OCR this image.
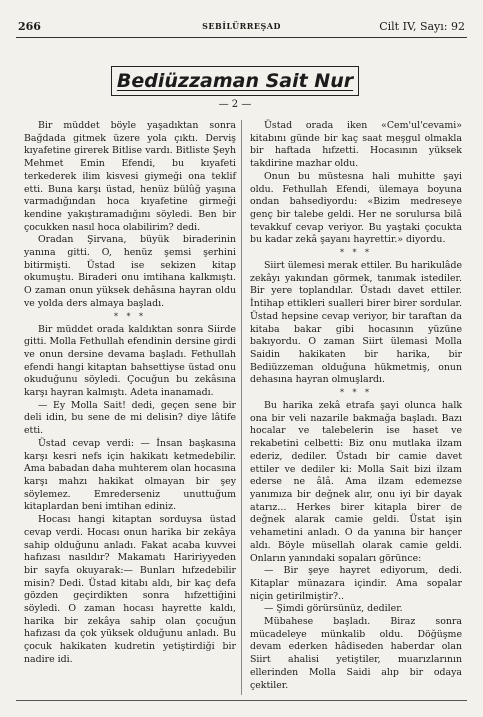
266	SEBİLÜRREŞAD	Cilt IV, Sayı: 92
Bediüzzaman Sait Nur
— 2 —

Bir müddet böyle yaşadıktan sonra Bağdada gitmek üzere yola çıktı. Derviş kıyafetine girerek Bitlise vardı. Bitliste Şeyh Mehmet Emin Efendi, bu kıyafeti terkederek ilim kisvesi giymeği ona teklif etti. Buna karşı üstad, henüz bülûğ yaşına varmadığından hoca kıyafetine girmeği kendine yakıştıramadığını söyledi. Ben bir çocukken nasıl hoca olabilirim? dedi.

Oradan Şirvana, büyük biraderinin yanına gitti. O, henüz şemsi şerhini bitirmişti. Üstad ise sekizen kitap okumuştu. Biraderi onu imtihana kalkmıştı. O zaman onun yüksek dehâsına hayran oldu ve yolda ders almaya başladı.

* * *

Bir müddet orada kaldıktan sonra Siirde gitti. Molla Fethullah efendinin dersine girdi ve onun dersine devama başladı. Fethullah efendi hangi kitaptan bahsettiyse üstad onu okuduğunu söyledi. Çocuğun bu zekâsına karşı hayran kalmıştı. Adeta inanamadı.

— Ey Molla Sait! dedi, geçen sene bir deli idin, bu sene de mi delisin? diye lâtife etti.

Üstad cevap verdi: — İnsan başkasına karşı kesri nefs için hakikatı ketmedebilir. Ama babadan daha muhterem olan hocasına karşı mahzı hakikat olmayan bir şey söylemez. Emrederseniz unuttuğum kitaplardan beni imtihan ediniz.

Hocası hangi kitaptan sorduysa üstad cevap verdi. Hocası onun harika bir zekâya sahip olduğunu anladı. Fakat acaba kuvvei hafızası nasıldır? Makamatı Haririyyeden bir sayfa okuyarak:— Bunları hıfzedebilir misin? Dedi. Üstad kitabı aldı, bir kaç defa gözden geçirdikten sonra hıfzettiğini söyledi. O zaman hocası hayrette kaldı, harika bir zekâya sahip olan çocuğun hafızası da çok yüksek olduğunu anladı. Bu çocuk hakikaten kudretin yetiştirdiği bir nadire idi.

Üstad orada iken «Cem'ul'cevami» kitabını günde bir kaç saat meşgul olmakla bir haftada hıfzetti. Hocasının yüksek takdirine mazhar oldu.

Onun bu müstesna hali muhitte şayi oldu. Fethullah Efendi, ülemaya boyuna ondan bahsediyordu: «Bizim medreseye genç bir talebe geldi. Her ne sorulursa bilâ tevakkuf cevap veriyor. Bu yaştaki çocukta bu kadar zekâ şayanı hayrettir.» diyordu.

* * *

Siirt ülemesi merak ettiler. Bu harikulâde zekâyı yakından görmek, tanımak istediler. Bir yere toplandılar. Üstadı davet ettiler. İntihap ettikleri sualleri birer birer sordular. Üstad hepsine cevap veriyor, bir taraftan da kitaba bakar gibi hocasının yüzüne bakıyordu. O zaman Siirt ülemasi Molla Saidin hakikaten bir harika, bir Bediüzzeman olduğuna hükmetmiş, onun dehasına hayran olmuşlardı.

* * *

Bu harika zekâ etrafa şayi olunca halk ona bir veli nazarile bakmağa başladı. Bazı hocalar ve talebelerin ise haset ve rekabetini celbetti: Biz onu mutlaka ilzam ederiz, dediler. Üstadı bir camie davet ettiler ve dediler ki: Molla Sait bizi ilzam ederse ne âlâ. Ama ilzam edemezse yanımıza bir değnek alır, onu iyi bir dayak atarız... Herkes birer kitapla birer de değnek alarak camie geldi. Üstat işin vehametini anladı. O da yanına bir hançer aldı. Böyle müsellah olarak camie geldi. Onların yanındaki sopaları görünce:

— Bir şeye hayret ediyorum, dedi. Kitaplar münazara içindir. Ama sopalar niçin getirilmiştir?..

— Şimdi görürsünüz, dediler.

Mübahese başladı. Biraz sonra mücadeleye münkalib oldu. Döğüşme devam ederken hâdiseden haberdar olan Siirt ahalisi yetiştiler, muarızlarının ellerinden Molla Saidi alıp bir odaya çektiler.
